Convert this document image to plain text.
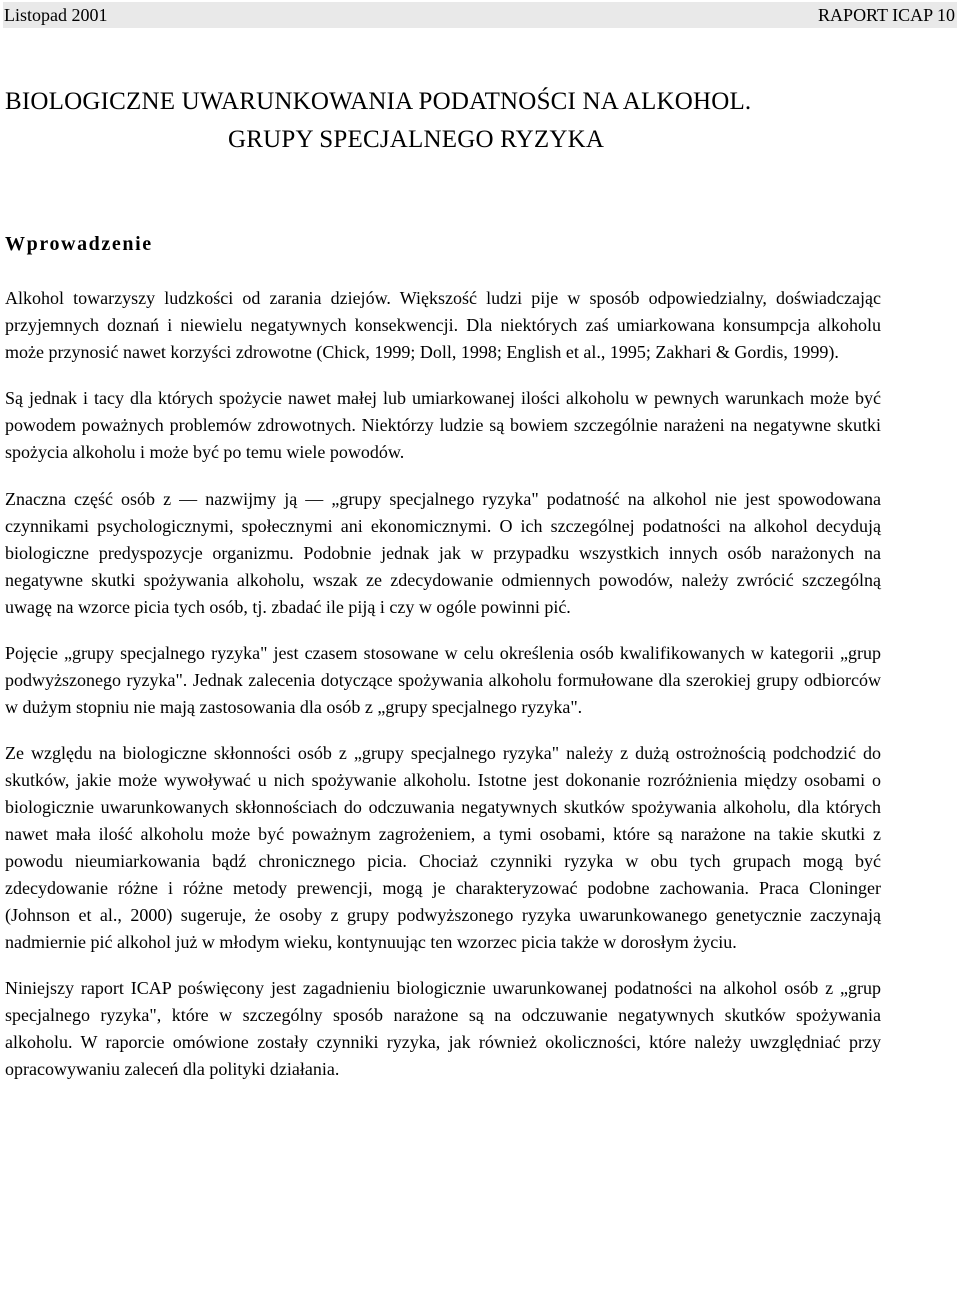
Listopad 2001	RAPORT ICAP 10
BIOLOGICZNE UWARUNKOWANIA PODATNOŚCI NA ALKOHOL.
GRUPY SPECJALNEGO RYZYKA
Wprowadzenie

Alkohol towarzyszy ludzkości od zarania dziejów. Większość ludzi pije w sposób odpowiedzialny, doświadczając przyjemnych doznań i niewielu negatywnych konsekwencji. Dla niektórych zaś umiarkowana konsumpcja alkoholu może przynosić nawet korzyści zdrowotne (Chick, 1999; Doll, 1998; English et al., 1995; Zakhari & Gordis, 1999).

Są jednak i tacy dla których spożycie nawet małej lub umiarkowanej ilości alkoholu w pewnych warunkach może być powodem poważnych problemów zdrowotnych. Niektórzy ludzie są bowiem szczególnie narażeni na negatywne skutki spożycia alkoholu i może być po temu wiele powodów.

Znaczna część osób z — nazwijmy ją — „grupy specjalnego ryzyka" podatność na alkohol nie jest spowodowana czynnikami psychologicznymi, społecznymi ani ekonomicznymi. O ich szczególnej podatności na alkohol decydują biologiczne predyspozycje organizmu. Podobnie jednak jak w przypadku wszystkich innych osób narażonych na negatywne skutki spożywania alkoholu, wszak ze zdecydowanie odmiennych powodów, należy zwrócić szczególną uwagę na wzorce picia tych osób, tj. zbadać ile piją i czy w ogóle powinni pić.

Pojęcie „grupy specjalnego ryzyka" jest czasem stosowane w celu określenia osób kwalifikowanych w kategorii „grup podwyższonego ryzyka". Jednak zalecenia dotyczące spożywania alkoholu formułowane dla szerokiej grupy odbiorców w dużym stopniu nie mają zastosowania dla osób z „grupy specjalnego ryzyka".

Ze względu na biologiczne skłonności osób z „grupy specjalnego ryzyka" należy z dużą ostrożnością podchodzić do skutków, jakie może wywoływać u nich spożywanie alkoholu. Istotne jest dokonanie rozróżnienia między osobami o biologicznie uwarunkowanych skłonnościach do odczuwania negatywnych skutków spożywania alkoholu, dla których nawet mała ilość alkoholu może być poważnym zagrożeniem, a tymi osobami, które są narażone na takie skutki z powodu nieumiarkowania bądź chronicznego picia. Chociaż czynniki ryzyka w obu tych grupach mogą być zdecydowanie różne i różne metody prewencji, mogą je charakteryzować podobne zachowania. Praca Cloninger (Johnson et al., 2000) sugeruje, że osoby z grupy podwyższonego ryzyka uwarunkowanego genetycznie zaczynają nadmiernie pić alkohol już w młodym wieku, kontynuując ten wzorzec picia także w dorosłym życiu.

Niniejszy raport ICAP poświęcony jest zagadnieniu biologicznie uwarunkowanej podatności na alkohol osób z „grup specjalnego ryzyka", które w szczególny sposób narażone są na odczuwanie negatywnych skutków spożywania alkoholu. W raporcie omówione zostały czynniki ryzyka, jak również okoliczności, które należy uwzględniać przy opracowywaniu zaleceń dla polityki działania.
